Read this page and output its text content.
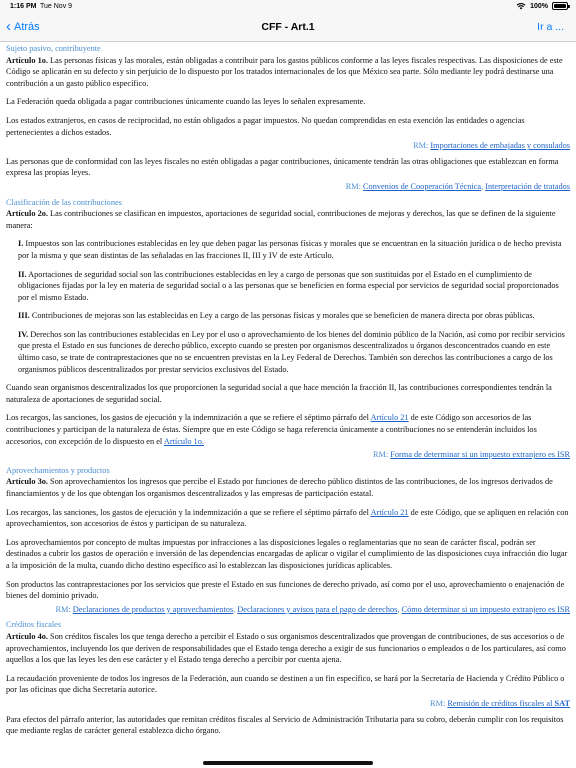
1:16 PM Tue Nov 9	100%
‹ Atrás	CFF - Art.1	Ir a ...
Sujeto pasivo, contribuyente
Artículo 1o. Las personas físicas y las morales, están obligadas a contribuir para los gastos públicos conforme a las leyes fiscales respectivas. Las disposiciones de este Código se aplicarán en su defecto y sin perjuicio de lo dispuesto por los tratados internacionales de los que México sea parte. Sólo mediante ley podrá destinarse una contribución a un gasto público específico.
La Federación queda obligada a pagar contribuciones únicamente cuando las leyes lo señalen expresamente.
Los estados extranjeros, en casos de reciprocidad, no están obligados a pagar impuestos. No quedan comprendidas en esta exención las entidades o agencias pertenecientes a dichos estados.
RM: Importaciones de embajadas y consulados
Las personas que de conformidad con las leyes fiscales no estén obligadas a pagar contribuciones, únicamente tendrán las otras obligaciones que establezcan en forma expresa las propias leyes.
RM: Convenios de Cooperación Técnica, Interpretación de tratados
Clasificación de las contribuciones
Artículo 2o. Las contribuciones se clasifican en impuestos, aportaciones de seguridad social, contribuciones de mejoras y derechos, las que se definen de la siguiente manera:
I. Impuestos son las contribuciones establecidas en ley que deben pagar las personas físicas y morales que se encuentran en la situación jurídica o de hecho prevista por la misma y que sean distintas de las señaladas en las fracciones II, III y IV de este Artículo.
II. Aportaciones de seguridad social son las contribuciones establecidas en ley a cargo de personas que son sustituidas por el Estado en el cumplimiento de obligaciones fijadas por la ley en materia de seguridad social o a las personas que se beneficien en forma especial por servicios de seguridad social proporcionados por el mismo Estado.
III. Contribuciones de mejoras son las establecidas en Ley a cargo de las personas físicas y morales que se beneficien de manera directa por obras públicas.
IV. Derechos son las contribuciones establecidas en Ley por el uso o aprovechamiento de los bienes del dominio público de la Nación, así como por recibir servicios que presta el Estado en sus funciones de derecho público, excepto cuando se presten por organismos descentralizados u órganos desconcentrados cuando en este último caso, se trate de contraprestaciones que no se encuentren previstas en la Ley Federal de Derechos. También son derechos las contribuciones a cargo de los organismos públicos descentralizados por prestar servicios exclusivos del Estado.
Cuando sean organismos descentralizados los que proporcionen la seguridad social a que hace mención la fracción II, las contribuciones correspondientes tendrán la naturaleza de aportaciones de seguridad social.
Los recargos, las sanciones, los gastos de ejecución y la indemnización a que se refiere el séptimo párrafo del Artículo 21 de este Código son accesorios de las contribuciones y participan de la naturaleza de éstas. Siempre que en este Código se haga referencia únicamente a contribuciones no se entenderán incluidos los accesorios, con excepción de lo dispuesto en el Artículo 1o.
RM: Forma de determinar si un impuesto extranjero es ISR
Aprovechamientos y productos
Artículo 3o. Son aprovechamientos los ingresos que percibe el Estado por funciones de derecho público distintos de las contribuciones, de los ingresos derivados de financiamientos y de los que obtengan los organismos descentralizados y las empresas de participación estatal.
Los recargos, las sanciones, los gastos de ejecución y la indemnización a que se refiere el séptimo párrafo del Artículo 21 de este Código, que se apliquen en relación con aprovechamientos, son accesorios de éstos y participan de su naturaleza.
Los aprovechamientos por concepto de multas impuestas por infracciones a las disposiciones legales o reglamentarias que no sean de carácter fiscal, podrán ser destinados a cubrir los gastos de operación e inversión de las dependencias encargadas de aplicar o vigilar el cumplimiento de las disposiciones cuya infracción dio lugar a la imposición de la multa, cuando dicho destino específico así lo establezcan las disposiciones jurídicas aplicables.
Son productos las contraprestaciones por los servicios que preste el Estado en sus funciones de derecho privado, así como por el uso, aprovechamiento o enajenación de bienes del dominio privado.
RM: Declaraciones de productos y aprovechamientos, Declaraciones y avisos para el pago de derechos, Cómo determinar si un impuesto extranjero es ISR
Créditos fiscales
Artículo 4o. Son créditos fiscales los que tenga derecho a percibir el Estado o sus organismos descentralizados que provengan de contribuciones, de sus accesorios o de aprovechamientos, incluyendo los que deriven de responsabilidades que el Estado tenga derecho a exigir de sus funcionarios o empleados o de los particulares, así como aquellos a los que las leyes les den ese carácter y el Estado tenga derecho a percibir por cuenta ajena.
La recaudación proveniente de todos los ingresos de la Federación, aun cuando se destinen a un fin específico, se hará por la Secretaría de Hacienda y Crédito Público o por las oficinas que dicha Secretaría autorice.
RM: Remisión de créditos fiscales al SAT
Para efectos del párrafo anterior, las autoridades que remitan créditos fiscales al Servicio de Administración Tributaria para su cobro, deberán cumplir con los requisitos que mediante reglas de carácter general establezca dicho órgano.
